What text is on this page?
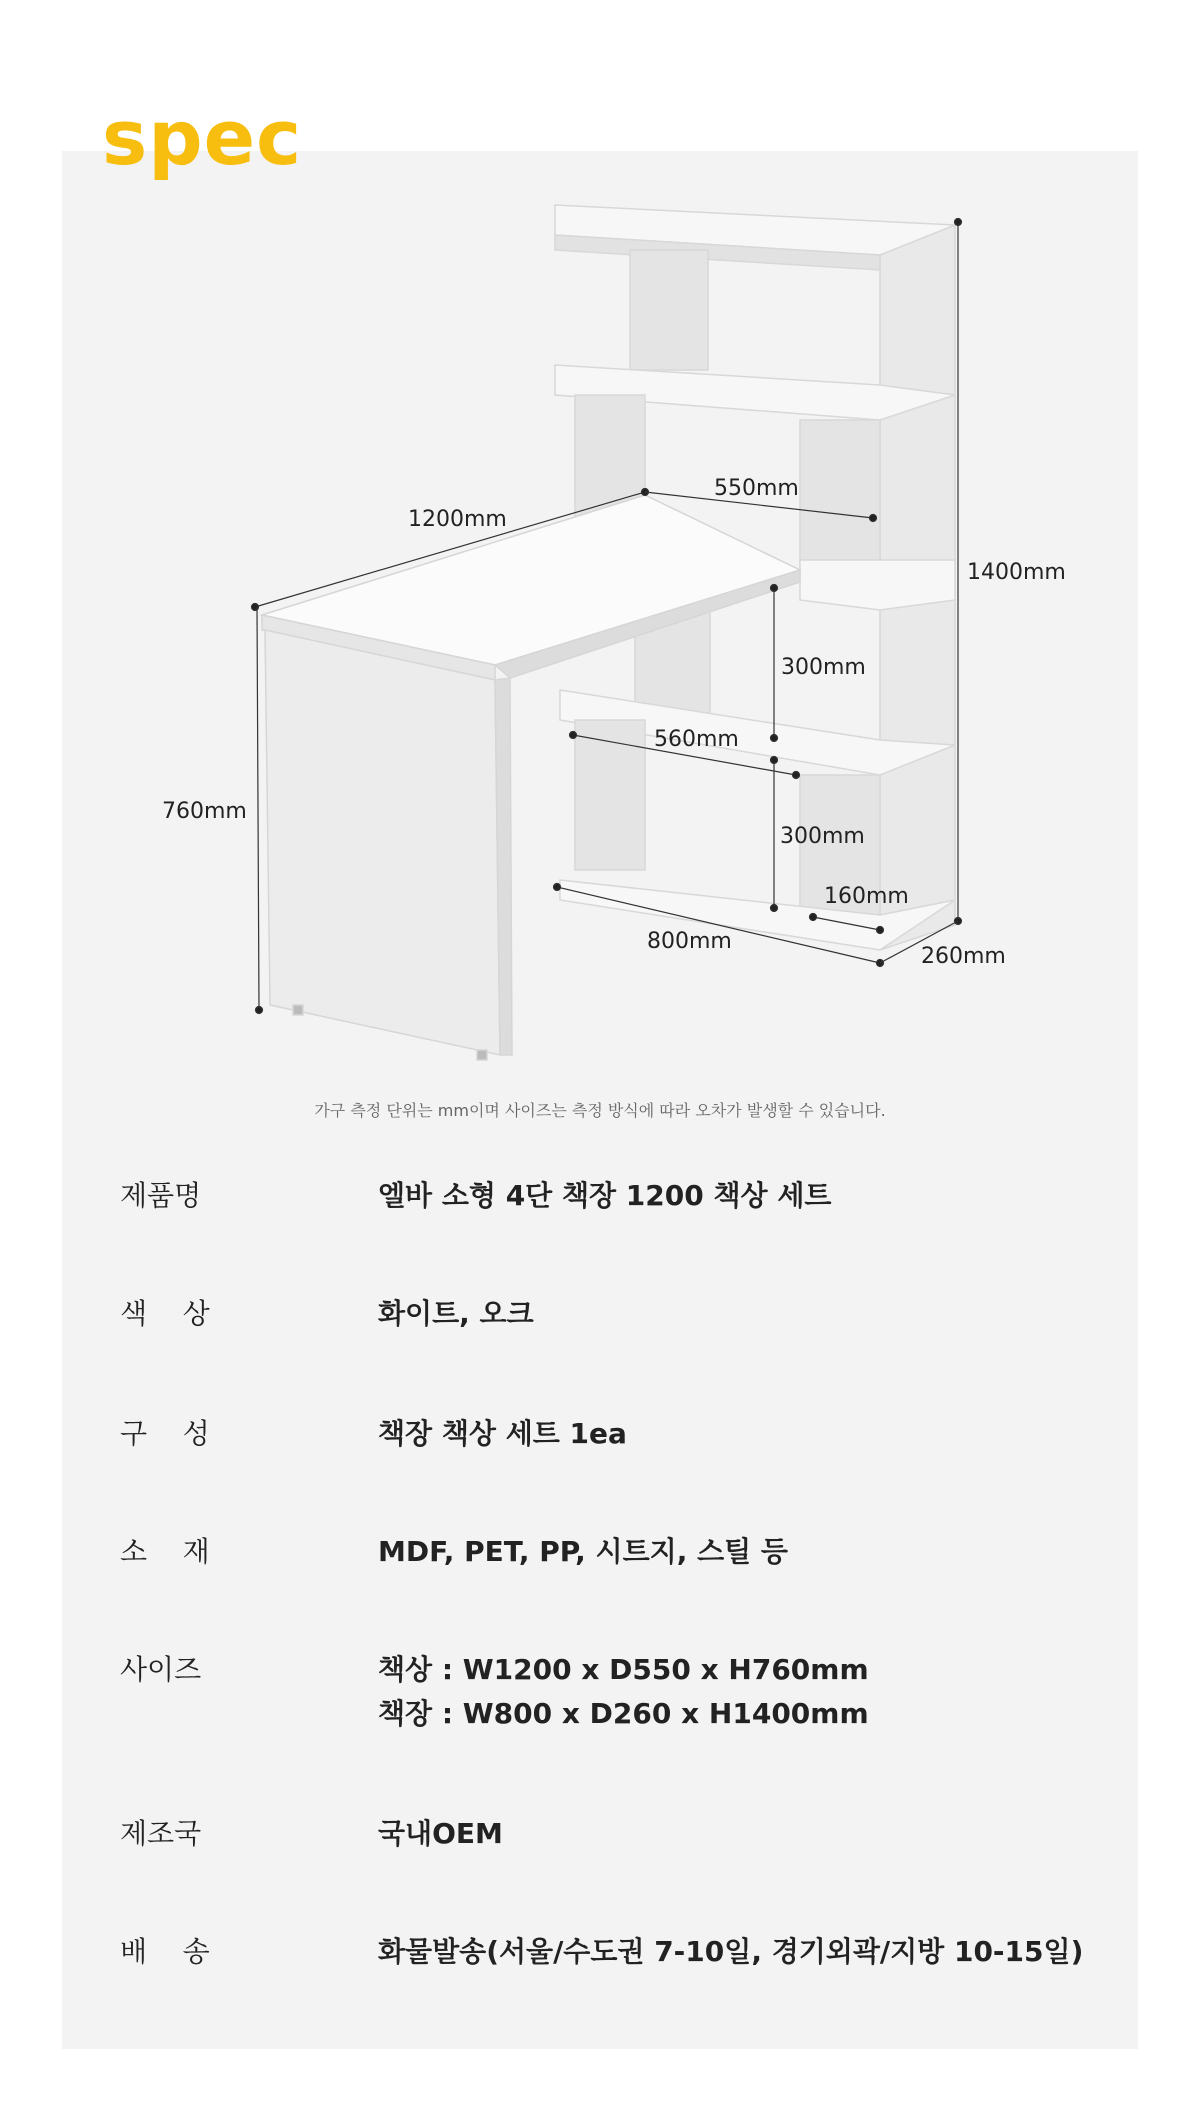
spec
1200mm
550mm
760mm
1400mm
300mm
560mm
300mm
160mm
800mm
260mm
가구 측정 단위는 mm이며 사이즈는 측정 방식에 따라 오차가 발생할 수 있습니다.
제품명	엘바 소형 4단 책장 1200 책상 세트
색    상	화이트, 오크
구    성	책장 책상 세트 1ea
소    재	MDF, PET, PP, 시트지, 스틸 등
사이즈	책상 : W1200 x D550 x H760mm
책장 : W800 x D260 x H1400mm
제조국	국내OEM
배    송	화물발송(서울/수도권 7-10일, 경기외곽/지방 10-15일)
